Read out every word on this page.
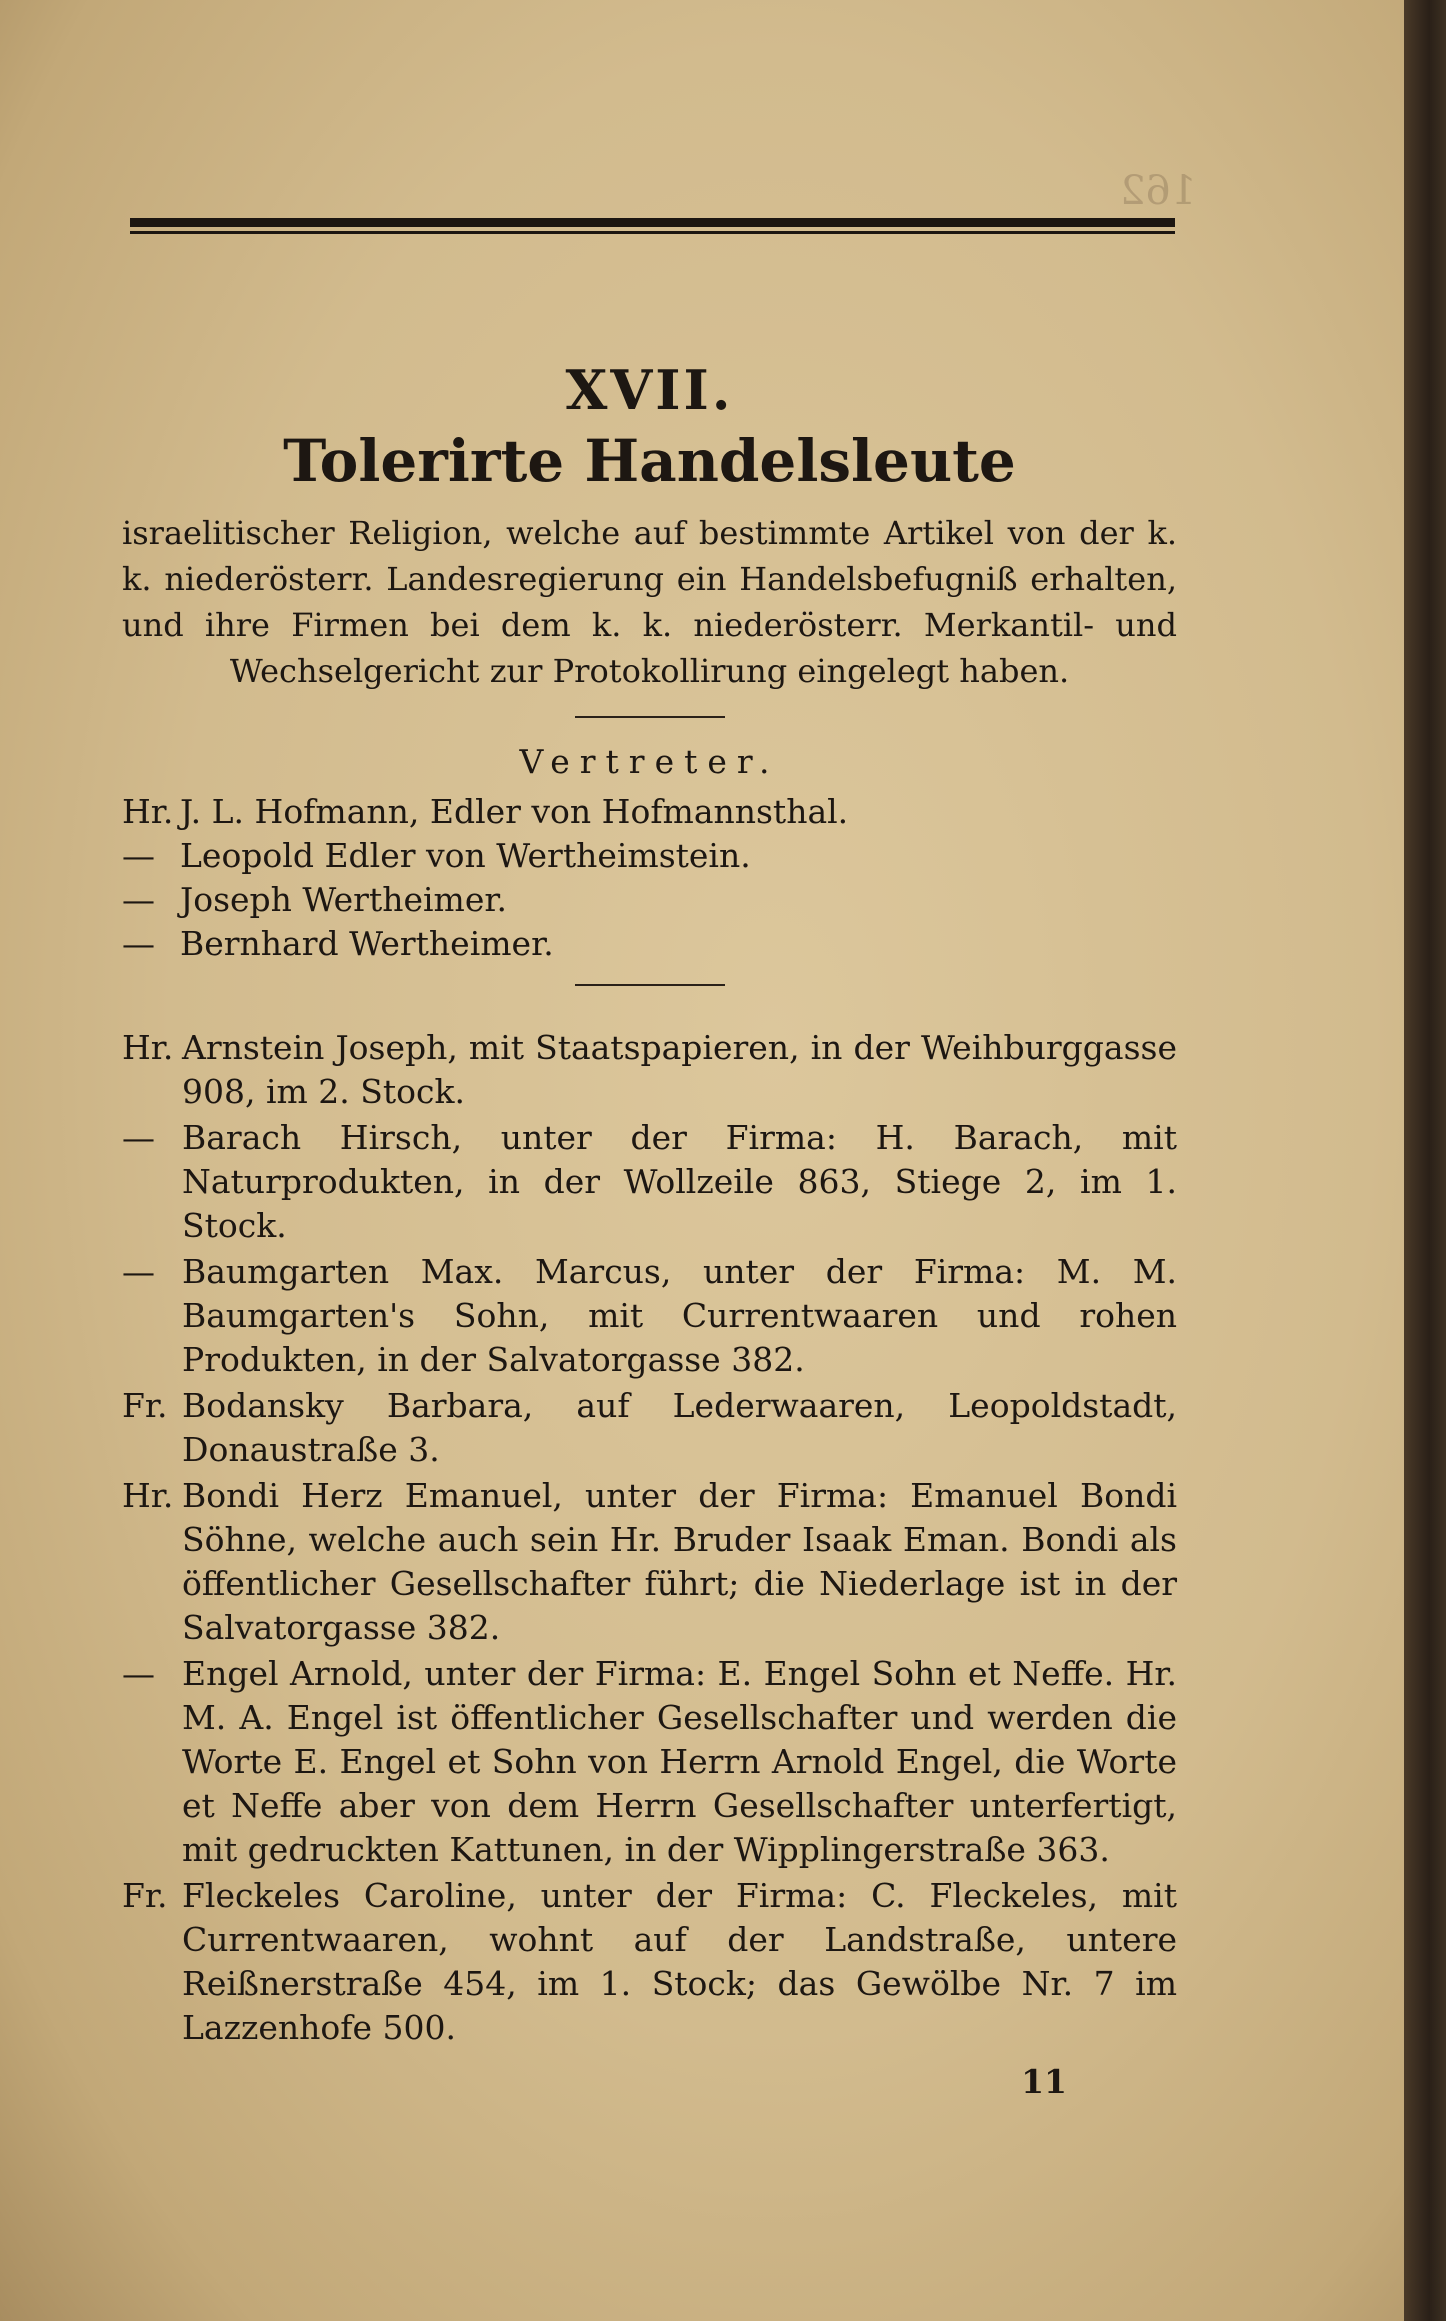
162
XVII.
Tolerirte Handelsleute
israelitischer Religion, welche auf bestimmte Artikel von der k. k. niederösterr. Landesregierung ein Handelsbefugniß erhalten, und ihre Firmen bei dem k. k. niederösterr. Merkantil- und Wechselgericht zur Protokollirung eingelegt haben.
Vertreter.
Hr. J. L. Hofmann, Edler von Hofmannsthal.
— Leopold Edler von Wertheimstein.
— Joseph Wertheimer.
— Bernhard Wertheimer.
Hr. Arnstein Joseph, mit Staatspapieren, in der Weihburggasse 908, im 2. Stock.
— Barach Hirsch, unter der Firma: H. Barach, mit Naturprodukten, in der Wollzeile 863, Stiege 2, im 1. Stock.
— Baumgarten Max. Marcus, unter der Firma: M. M. Baumgarten's Sohn, mit Currentwaaren und rohen Produkten, in der Salvatorgasse 382.
Fr. Bodansky Barbara, auf Lederwaaren, Leopoldstadt, Donaustraße 3.
Hr. Bondi Herz Emanuel, unter der Firma: Emanuel Bondi Söhne, welche auch sein Hr. Bruder Isaak Eman. Bondi als öffentlicher Gesellschafter führt; die Niederlage ist in der Salvatorgasse 382.
— Engel Arnold, unter der Firma: E. Engel Sohn et Neffe. Hr. M. A. Engel ist öffentlicher Gesellschafter und werden die Worte E. Engel et Sohn von Herrn Arnold Engel, die Worte et Neffe aber von dem Herrn Gesellschafter unterfertigt, mit gedruckten Kattunen, in der Wipplingerstraße 363.
Fr. Fleckeles Caroline, unter der Firma: C. Fleckeles, mit Currentwaaren, wohnt auf der Landstraße, untere Reißnerstraße 454, im 1. Stock; das Gewölbe Nr. 7 im Lazzenhofe 500.
11
